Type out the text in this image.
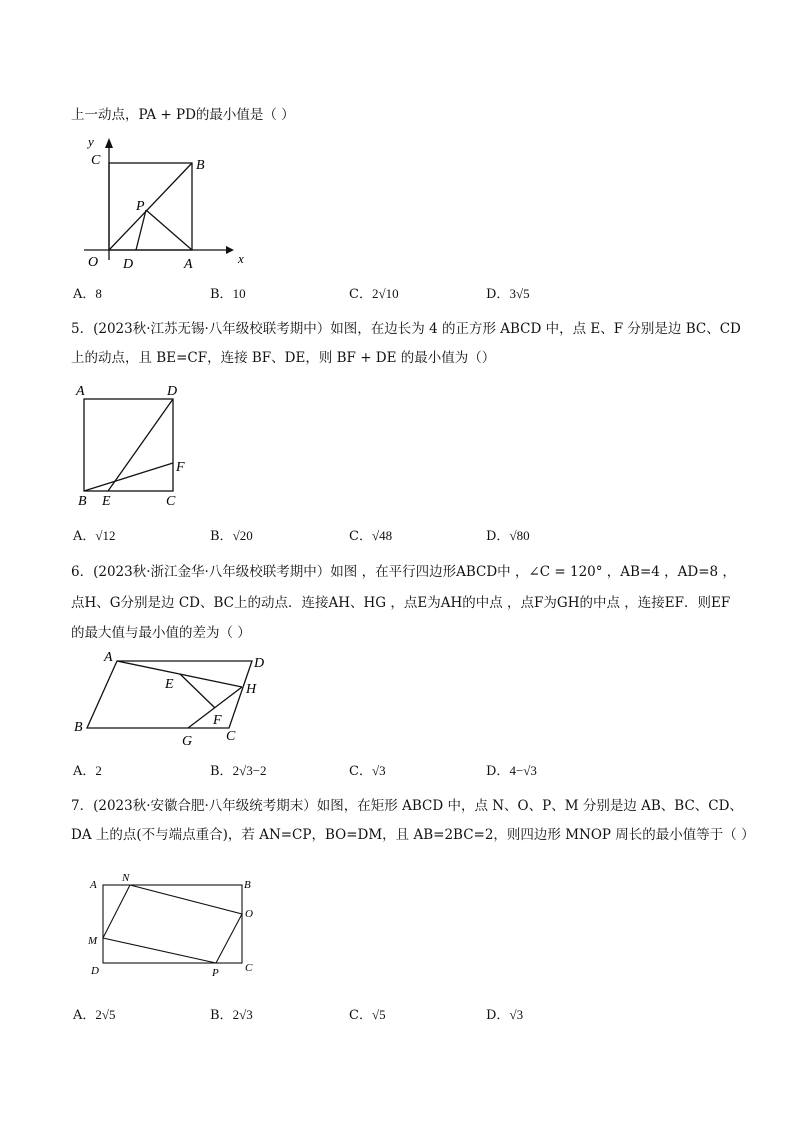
上一动点，PA + PD的最小值是（ ）
y
x
C	B
P
O D	A
A．8	B．10	C．2√10	D．3√5
5．(2023秋·江苏无锡·八年级校联考期中）如图，在边长为 4 的正方形 ABCD 中，点 E、F 分别是边 BC、CD
上的动点，且 BE=CF，连接 BF、DE，则 BF + DE 的最小值为（）
A	D
F
B E	C
A．√12	B．√20	C．√48	D．√80
6．(2023秋·浙江金华·八年级校联考期中）如图 ，在平行四边形ABCD中 ，∠C = 120° ，AB=4 ，AD=8 ，
点H、G分别是边 CD、BC上的动点．连接AH、HG ，点E为AH的中点 ，点F为GH的中点 ，连接EF．则EF
的最大值与最小值的差为（ ）
A	D
E	H
F
B
G C
A．2	B．2√3−2	C．√3	D．4−√3
7．(2023秋·安徽合肥·八年级统考期末）如图，在矩形 ABCD 中，点 N、O、P、M 分别是边 AB、BC、CD、
DA 上的点(不与端点重合)，若 AN=CP，BO=DM，且 AB=2BC=2，则四边形 MNOP 周长的最小值等于（ ）
A
N
B
O
M
D	P C
A．2√5	B．2√3	C．√5	D．√3
